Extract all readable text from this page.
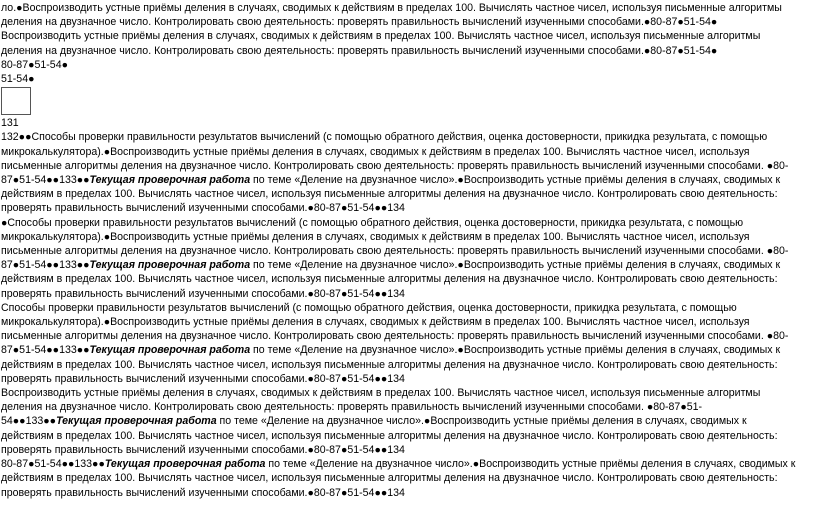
ло.●Воспроизводить устные приёмы деления в случаях, сводимых к действиям в пределах 100. Вычислять частное чисел, используя письменные алгоритмы
деления на двузначное число. Контролировать свою деятельность: проверять правильность вычислений изученными способами.●80-87●51-54●
Воспроизводить устные приёмы деления в случаях, сводимых к действиям в пределах 100. Вычислять частное чисел, используя письменные алгоритмы
деления на двузначное число. Контролировать свою деятельность: проверять правильность вычислений изученными способами.●80-87●51-54●
80-87●51-54●
51-54●
131
132●●Способы проверки правильности результатов вычислений (с помощью обратного действия, оценка достоверности, прикидка результата, с помощью
микрокалькулятора).●Воспроизводить устные приёмы деления в случаях, сводимых к действиям в пределах 100. Вычислять частное чисел, используя
письменные алгоритмы деления на двузначное число. Контролировать свою деятельность: проверять правильность вычислений изученными способами. ●80-
87●51-54●●133●●Текущая проверочная работа по теме «Деление на двузначное число».●Воспроизводить устные приёмы деления в случаях, сводимых к
действиям в пределах 100. Вычислять частное чисел, используя письменные алгоритмы деления на двузначное число. Контролировать свою деятельность:
проверять правильность вычислений изученными способами.●80-87●51-54●●134
●Способы проверки правильности результатов вычислений (с помощью обратного действия, оценка достоверности, прикидка результата, с помощью
микрокалькулятора).●Воспроизводить устные приёмы деления в случаях, сводимых к действиям в пределах 100. Вычислять частное чисел, используя
письменные алгоритмы деления на двузначное число. Контролировать свою деятельность: проверять правильность вычислений изученными способами. ●80-
87●51-54●●133●●Текущая проверочная работа по теме «Деление на двузначное число».●Воспроизводить устные приёмы деления в случаях, сводимых к
действиям в пределах 100. Вычислять частное чисел, используя письменные алгоритмы деления на двузначное число. Контролировать свою деятельность:
проверять правильность вычислений изученными способами.●80-87●51-54●●134
Способы проверки правильности результатов вычислений (с помощью обратного действия, оценка достоверности, прикидка результата, с помощью
микрокалькулятора).●Воспроизводить устные приёмы деления в случаях, сводимых к действиям в пределах 100. Вычислять частное чисел, используя
письменные алгоритмы деления на двузначное число. Контролировать свою деятельность: проверять правильность вычислений изученными способами. ●80-
87●51-54●●133●●Текущая проверочная работа по теме «Деление на двузначное число».●Воспроизводить устные приёмы деления в случаях, сводимых к
действиям в пределах 100. Вычислять частное чисел, используя письменные алгоритмы деления на двузначное число. Контролировать свою деятельность:
проверять правильность вычислений изученными способами.●80-87●51-54●●134
Воспроизводить устные приёмы деления в случаях, сводимых к действиям в пределах 100. Вычислять частное чисел, используя письменные алгоритмы
деления на двузначное число. Контролировать свою деятельность: проверять правильность вычислений изученными способами. ●80-87●51-
54●●133●●Текущая проверочная работа по теме «Деление на двузначное число».●Воспроизводить устные приёмы деления в случаях, сводимых к
действиям в пределах 100. Вычислять частное чисел, используя письменные алгоритмы деления на двузначное число. Контролировать свою деятельность:
проверять правильность вычислений изученными способами.●80-87●51-54●●134
80-87●51-54●●133●●Текущая проверочная работа по теме «Деление на двузначное число».●Воспроизводить устные приёмы деления в случаях, сводимых к
действиям в пределах 100. Вычислять частное чисел, используя письменные алгоритмы деления на двузначное число. Контролировать свою деятельность:
проверять правильность вычислений изученными способами.●80-87●51-54●●134
